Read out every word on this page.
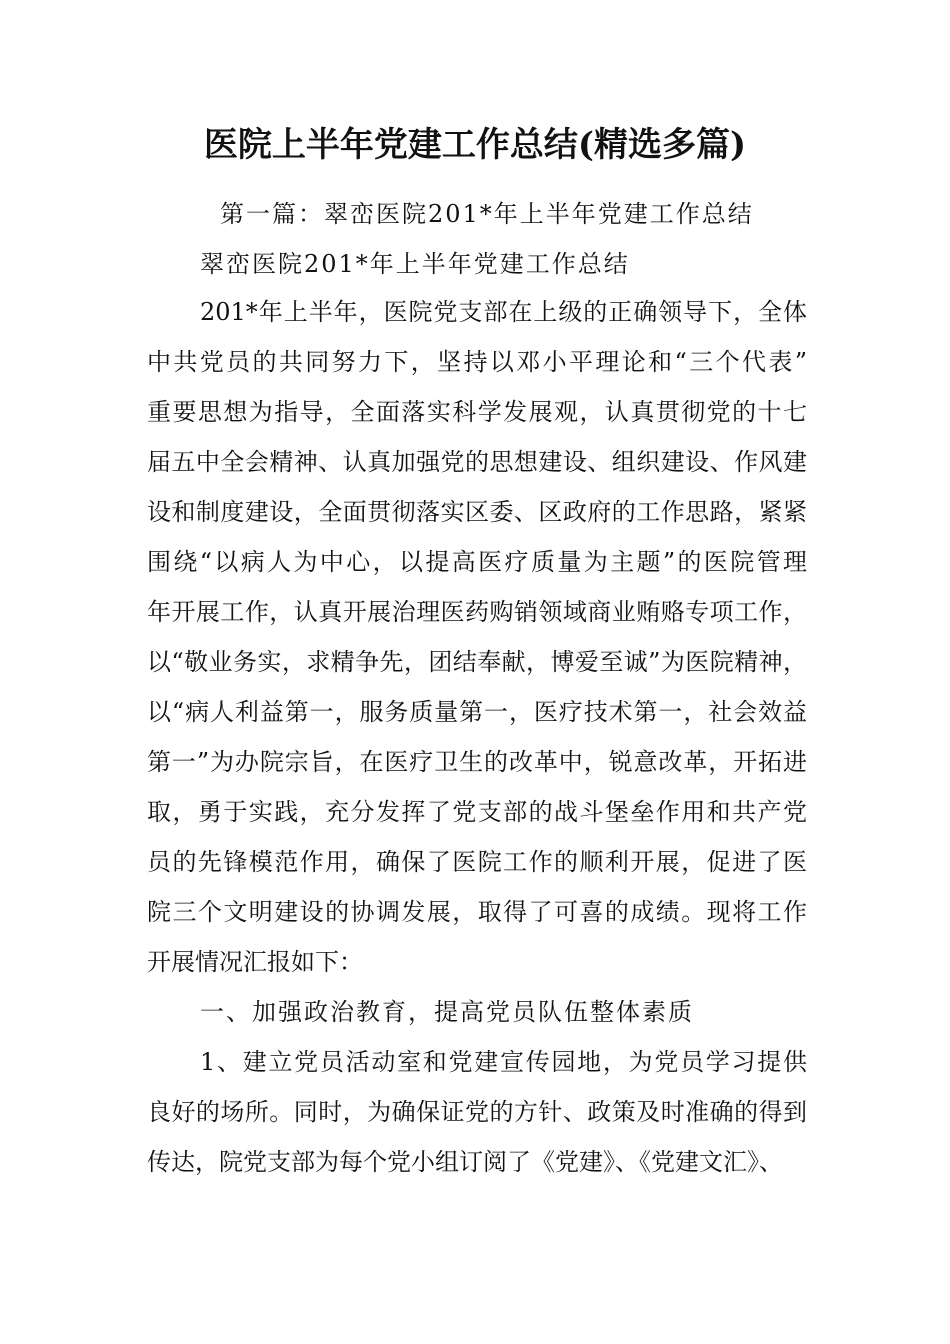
医院上半年党建工作总结(精选多篇)
第一篇：翠峦医院201*年上半年党建工作总结
翠峦医院201*年上半年党建工作总结
201*年上半年，医院党支部在上级的正确领导下，全体
中共党员的共同努力下，坚持以邓小平理论和“三个代表”
重要思想为指导，全面落实科学发展观，认真贯彻党的十七
届五中全会精神、认真加强党的思想建设、组织建设、作风建
设和制度建设，全面贯彻落实区委、区政府的工作思路，紧紧
围绕“以病人为中心，以提高医疗质量为主题”的医院管理
年开展工作，认真开展治理医药购销领域商业贿赂专项工作，
以“敬业务实，求精争先，团结奉献，博爱至诚”为医院精神，
以“病人利益第一，服务质量第一，医疗技术第一，社会效益
第一”为办院宗旨，在医疗卫生的改革中，锐意改革，开拓进
取，勇于实践，充分发挥了党支部的战斗堡垒作用和共产党
员的先锋模范作用，确保了医院工作的顺利开展，促进了医
院三个文明建设的协调发展，取得了可喜的成绩。现将工作
开展情况汇报如下：
一、加强政治教育，提高党员队伍整体素质
1、建立党员活动室和党建宣传园地，为党员学习提供
良好的场所。同时，为确保证党的方针、政策及时准确的得到
传达，院党支部为每个党小组订阅了《党建》、《党建文汇》、
